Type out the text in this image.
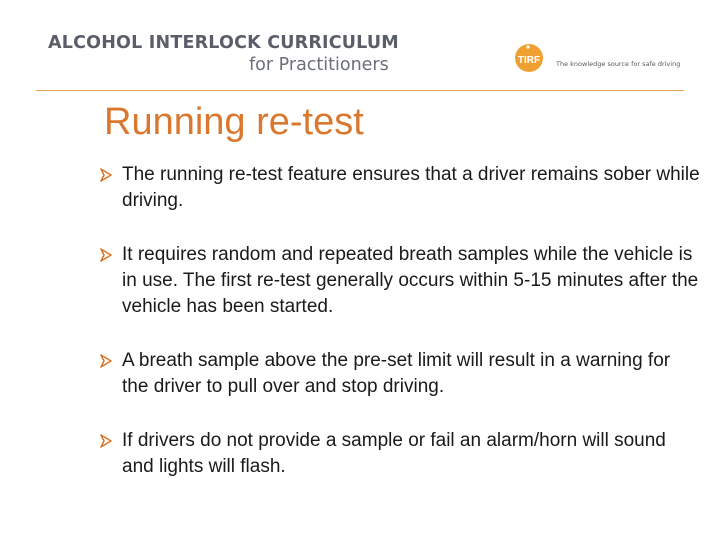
ALCOHOL INTERLOCK CURRICULUM
for Practitioners	TIRF The knowledge source for safe driving
Running re-test
The running re-test feature ensures that a driver remains sober while driving.
It requires random and repeated breath samples while the vehicle is in use. The first re-test generally occurs within 5-15 minutes after the vehicle has been started.
A breath sample above the pre-set limit will result in a warning for the driver to pull over and stop driving.
If drivers do not provide a sample or fail an alarm/horn will sound and lights will flash.
